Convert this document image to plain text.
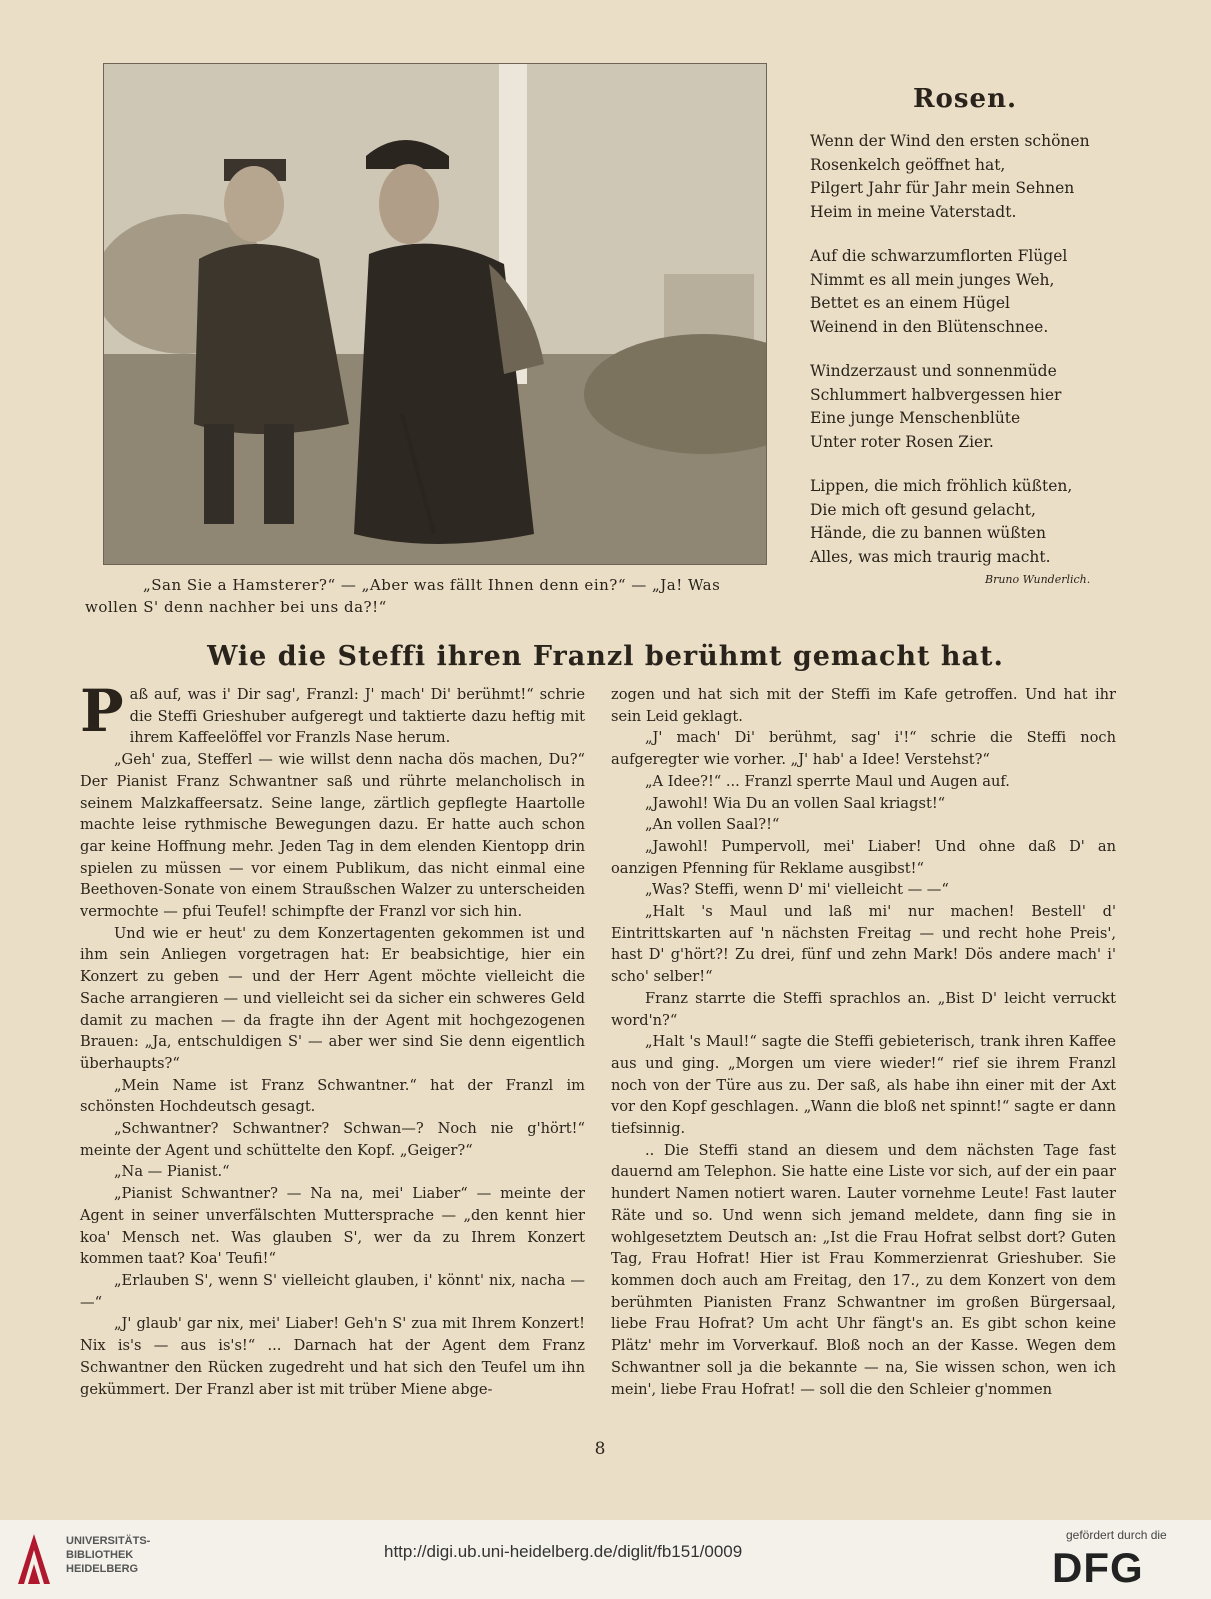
„San Sie a Hamsterer?“ — „Aber was fällt Ihnen denn ein?“ — „Ja! Was
wollen S' denn nachher bei uns da?!“
Rosen.
Wenn der Wind den ersten schönen
Rosenkelch geöffnet hat,
Pilgert Jahr für Jahr mein Sehnen
Heim in meine Vaterstadt.
Auf die schwarzumflorten Flügel
Nimmt es all mein junges Weh,
Bettet es an einem Hügel
Weinend in den Blütenschnee.
Windzerzaust und sonnenmüde
Schlummert halbvergessen hier
Eine junge Menschenblüte
Unter roter Rosen Zier.
Lippen, die mich fröhlich küßten,
Die mich oft gesund gelacht,
Hände, die zu bannen wüßten
Alles, was mich traurig macht.
Bruno Wunderlich.
Wie die Steffi ihren Franzl berühmt gemacht hat.

Paß auf, was i' Dir sag', Franzl: J' mach' Di' berühmt!“ schrie die Steffi Grieshuber aufgeregt und taktierte dazu heftig mit ihrem Kaffeelöffel vor Franzls Nase herum.

„Geh' zua, Stefferl — wie willst denn nacha dös machen, Du?“ Der Pianist Franz Schwantner saß und rührte melancholisch in seinem Malzkaffeersatz. Seine lange, zärtlich gepflegte Haartolle machte leise rythmische Bewegungen dazu. Er hatte auch schon gar keine Hoffnung mehr. Jeden Tag in dem elenden Kientopp drin spielen zu müssen — vor einem Publikum, das nicht einmal eine Beethoven-Sonate von einem Straußschen Walzer zu unterscheiden vermochte — pfui Teufel! schimpfte der Franzl vor sich hin.

Und wie er heut' zu dem Konzertagenten gekommen ist und ihm sein Anliegen vorgetragen hat: Er beabsichtige, hier ein Konzert zu geben — und der Herr Agent möchte vielleicht die Sache arrangieren — und vielleicht sei da sicher ein schweres Geld damit zu machen — da fragte ihn der Agent mit hochgezogenen Brauen: „Ja, entschuldigen S' — aber wer sind Sie denn eigentlich überhaupts?“

„Mein Name ist Franz Schwantner.“ hat der Franzl im schönsten Hochdeutsch gesagt.

„Schwantner? Schwantner? Schwan—? Noch nie g'hört!“ meinte der Agent und schüttelte den Kopf. „Geiger?“

„Na — Pianist.“

„Pianist Schwantner? — Na na, mei' Liaber“ — meinte der Agent in seiner unverfälschten Muttersprache — „den kennt hier koa' Mensch net. Was glauben S', wer da zu Ihrem Konzert kommen taat? Koa' Teufi!“

„Erlauben S', wenn S' vielleicht glauben, i' könnt' nix, nacha — —“

„J' glaub' gar nix, mei' Liaber! Geh'n S' zua mit Ihrem Konzert! Nix is's — aus is's!“ ... Darnach hat der Agent dem Franz Schwantner den Rücken zugedreht und hat sich den Teufel um ihn gekümmert. Der Franzl aber ist mit trüber Miene abge-

zogen und hat sich mit der Steffi im Kafe getroffen. Und hat ihr sein Leid geklagt.

„J' mach' Di' berühmt, sag' i'!“ schrie die Steffi noch aufgeregter wie vorher. „J' hab' a Idee! Verstehst?“

„A Idee?!“ ... Franzl sperrte Maul und Augen auf.

„Jawohl! Wia Du an vollen Saal kriagst!“

„An vollen Saal?!“

„Jawohl! Pumpervoll, mei' Liaber! Und ohne daß D' an oanzigen Pfenning für Reklame ausgibst!“

„Was? Steffi, wenn D' mi' vielleicht — —“

„Halt 's Maul und laß mi' nur machen! Bestell' d' Eintrittskarten auf 'n nächsten Freitag — und recht hohe Preis', hast D' g'hört?! Zu drei, fünf und zehn Mark! Dös andere mach' i' scho' selber!“

Franz starrte die Steffi sprachlos an. „Bist D' leicht verruckt word'n?“

„Halt 's Maul!“ sagte die Steffi gebieterisch, trank ihren Kaffee aus und ging. „Morgen um viere wieder!“ rief sie ihrem Franzl noch von der Türe aus zu. Der saß, als habe ihn einer mit der Axt vor den Kopf geschlagen. „Wann die bloß net spinnt!“ sagte er dann tiefsinnig.

.. Die Steffi stand an diesem und dem nächsten Tage fast dauernd am Telephon. Sie hatte eine Liste vor sich, auf der ein paar hundert Namen notiert waren. Lauter vornehme Leute! Fast lauter Räte und so. Und wenn sich jemand meldete, dann fing sie in wohlgesetztem Deutsch an: „Ist die Frau Hofrat selbst dort? Guten Tag, Frau Hofrat! Hier ist Frau Kommerzienrat Grieshuber. Sie kommen doch auch am Freitag, den 17., zu dem Konzert von dem berühmten Pianisten Franz Schwantner im großen Bürgersaal, liebe Frau Hofrat? Um acht Uhr fängt's an. Es gibt schon keine Plätz' mehr im Vorverkauf. Bloß noch an der Kasse. Wegen dem Schwantner soll ja die bekannte — na, Sie wissen schon, wen ich mein', liebe Frau Hofrat! — soll die den Schleier g'nommen

8
UNIVERSITÄTS-
BIBLIOTHEK
HEIDELBERG
http://digi.ub.uni-heidelberg.de/diglit/fb151/0009
gefördert durch die
DFG
